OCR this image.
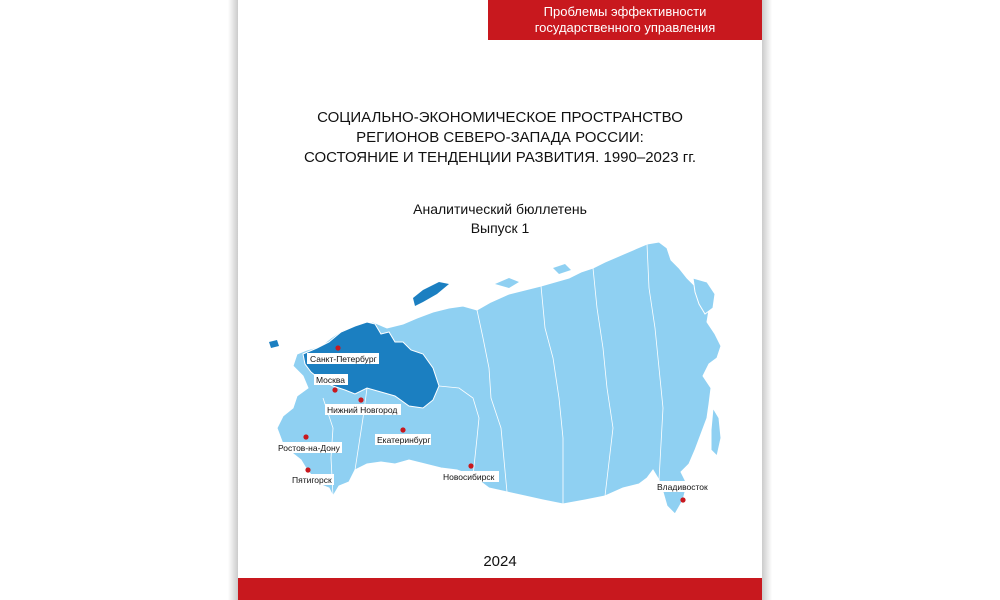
Проблемы эффективности
государственного управления
СОЦИАЛЬНО-ЭКОНОМИЧЕСКОЕ ПРОСТРАНСТВО
РЕГИОНОВ СЕВЕРО-ЗАПАДА РОССИИ:
СОСТОЯНИЕ И ТЕНДЕНЦИИ РАЗВИТИЯ. 1990–2023 гг.
Аналитический бюллетень
Выпуск 1
Санкт-Петербург
Москва
Нижний Новгород
Екатеринбург
Ростов-на-Дону
Пятигорск	Новосибирск
Владивосток
2024
